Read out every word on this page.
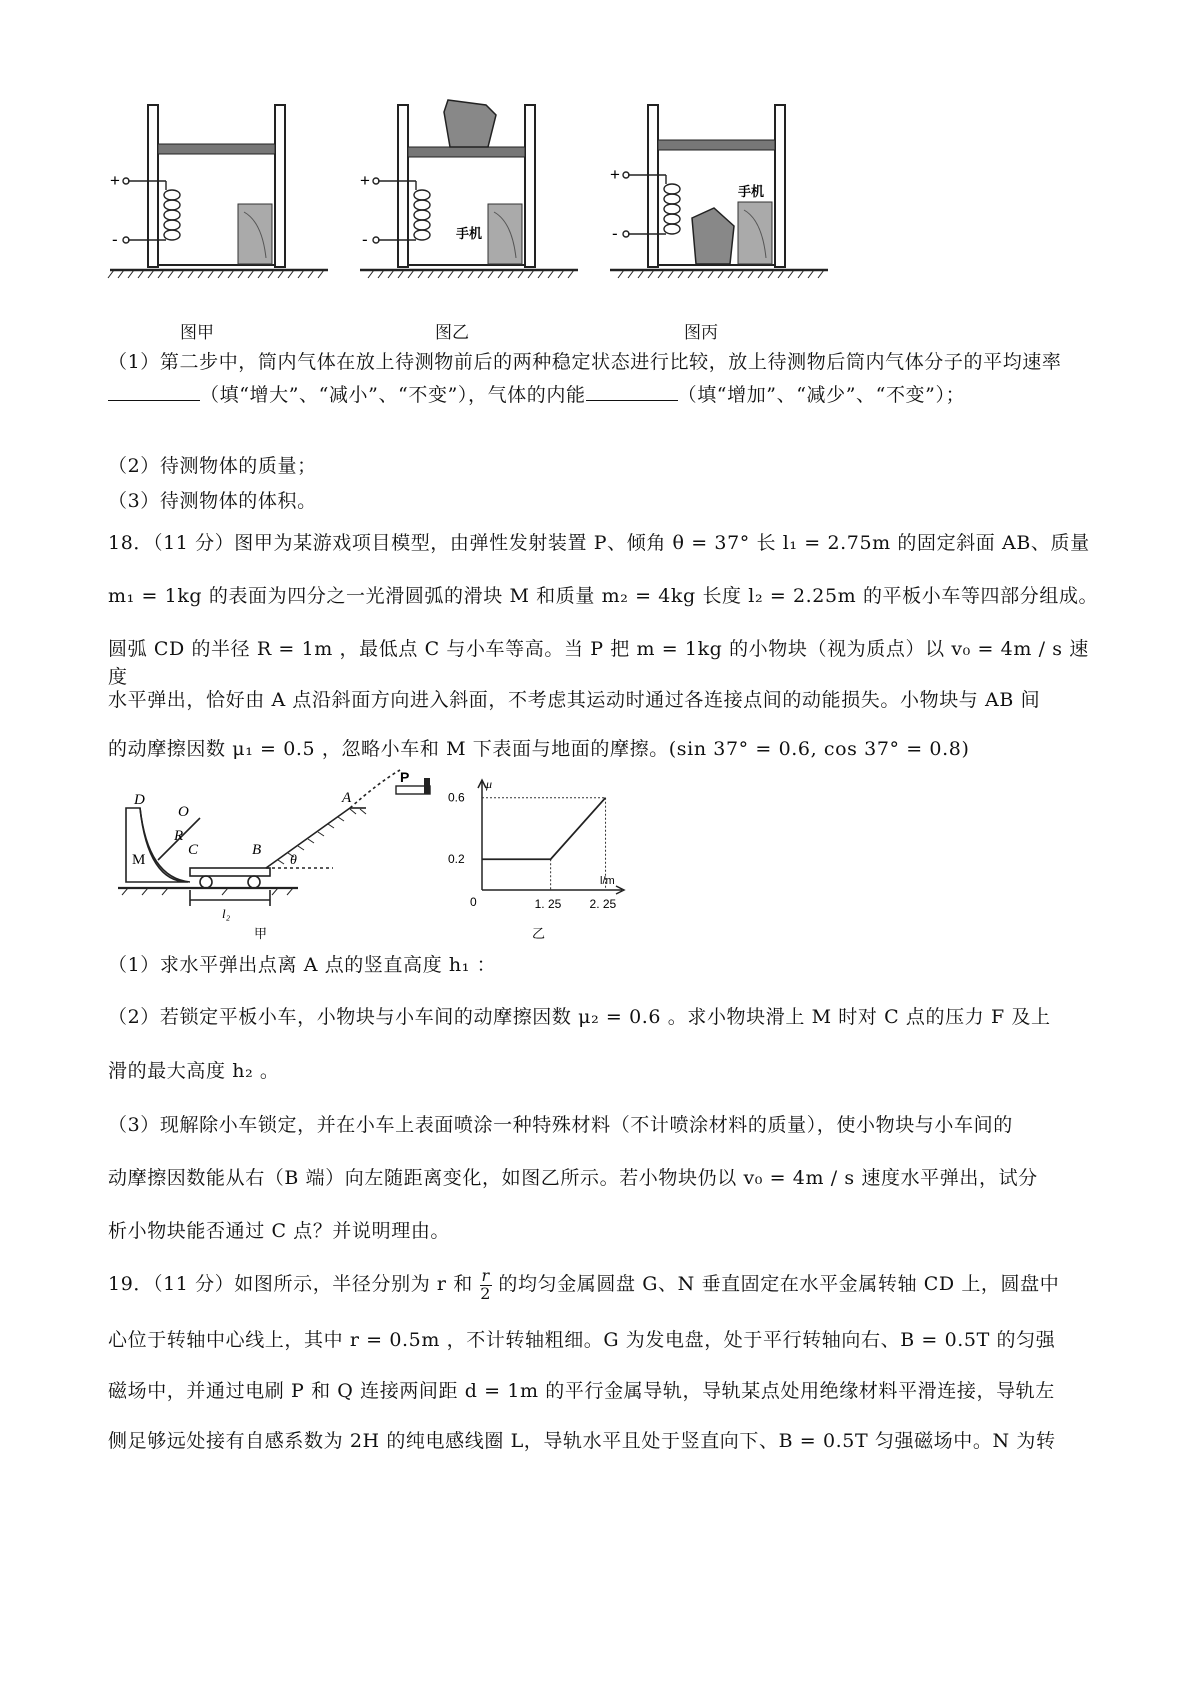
+
-
+
-	手机
+
-
手机
图甲	图乙	图丙
（1）第二步中，筒内气体在放上待测物前后的两种稳定状态进行比较，放上待测物后筒内气体分子的平均速率（填“增大”、“减小”、“不变”），气体的内能	（填“增加”、“减少”、“不变”）；
（2）待测物体的质量；
（3）待测物体的体积。
18．（11 分）图甲为某游戏项目模型，由弹性发射装置 P、倾角 θ = 37° 长 l₁ = 2.75m 的固定斜面 AB、质量
m₁ = 1kg 的表面为四分之一光滑圆弧的滑块 M 和质量 m₂ = 4kg 长度 l₂ = 2.25m 的平板小车等四部分组成。
圆弧 CD 的半径 R = 1m ，最低点 C 与小车等高。当 P 把 m = 1kg 的小物块（视为质点）以 v₀ = 4m / s 速度
水平弹出，恰好由 A 点沿斜面方向进入斜面，不考虑其运动时通过各连接点间的动能损失。小物块与 AB 间
的动摩擦因数 μ₁ = 0.5 ，忽略小车和 M 下表面与地面的摩擦。(sin 37° = 0.6, cos 37° = 0.8)
P
D
O
R
C
M
B
A
θ
l₂
甲
μ
l/m
0
0.6
0.2
1. 25 2. 25
乙
（1）求水平弹出点离 A 点的竖直高度 h₁ ：
（2）若锁定平板小车，小物块与小车间的动摩擦因数 μ₂ = 0.6 。求小物块滑上 M 时对 C 点的压力 F 及上
滑的最大高度 h₂ 。
（3）现解除小车锁定，并在小车上表面喷涂一种特殊材料（不计喷涂材料的质量），使小物块与小车间的
动摩擦因数能从右（B 端）向左随距离变化，如图乙所示。若小物块仍以 v₀ = 4m / s 速度水平弹出，试分
析小物块能否通过 C 点？并说明理由。
19．（11 分）如图所示，半径分别为 r 和 $\frac{r}{2}$ 的均匀金属圆盘 G、N 垂直固定在水平金属转轴 CD 上，圆盘中
心位于转轴中心线上，其中 r = 0.5m ，不计转轴粗细。G 为发电盘，处于平行转轴向右、B = 0.5T 的匀强
磁场中，并通过电刷 P 和 Q 连接两间距 d = 1m 的平行金属导轨，导轨某点处用绝缘材料平滑连接，导轨左
侧足够远处接有自感系数为 2H 的纯电感线圈 L，导轨水平且处于竖直向下、B = 0.5T 匀强磁场中。N 为转
